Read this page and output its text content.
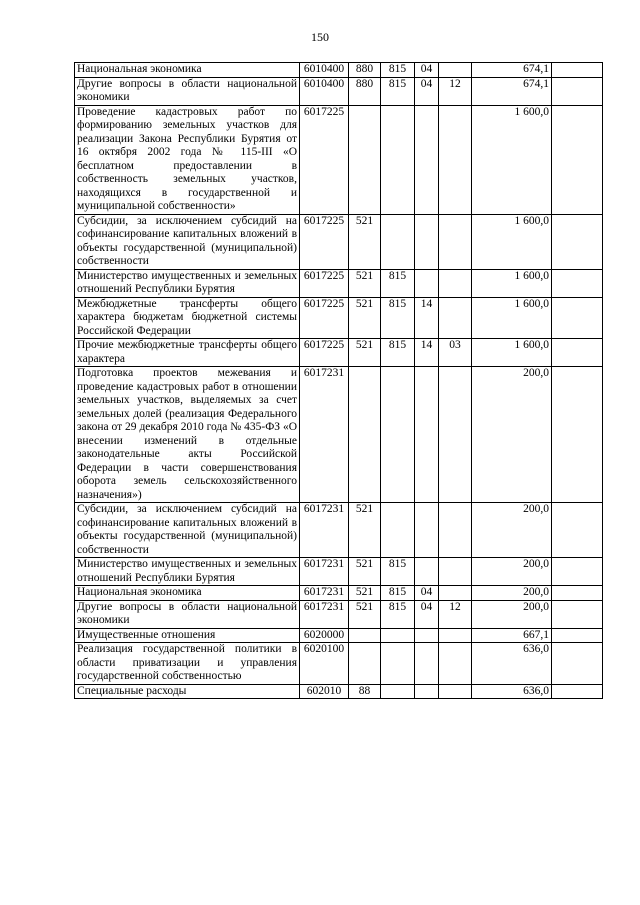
150
Национальная экономика	6010400	880	815	04		674,1	
Другие вопросы в области национальной экономики	6010400	880	815	04	12	674,1	
Проведение кадастровых работ по формированию земельных участков для реализации Закона Республики Бурятия от 16 октября 2002 года № 115-III «О бесплатном предоставлении в собственность земельных участков, находящихся в государственной и муниципальной собственности»	6017225					1 600,0	
Субсидии, за исключением субсидий на софинансирование капитальных вложений в объекты государственной (муниципальной) собственности	6017225	521				1 600,0	
Министерство имущественных и земельных отношений Республики Бурятия	6017225	521	815			1 600,0	
Межбюджетные трансферты общего характера бюджетам бюджетной системы Российской Федерации	6017225	521	815	14		1 600,0	
Прочие межбюджетные трансферты общего характера	6017225	521	815	14	03	1 600,0	
Подготовка проектов межевания и проведение кадастровых работ в отношении земельных участков, выделяемых за счет земельных долей (реализация Федерального закона от 29 декабря 2010 года № 435-ФЗ «О внесении изменений в отдельные законодательные акты Российской Федерации в части совершенствования оборота земель сельскохозяйственного назначения»)	6017231					200,0	
Субсидии, за исключением субсидий на софинансирование капитальных вложений в объекты государственной (муниципальной) собственности	6017231	521				200,0	
Министерство имущественных и земельных отношений Республики Бурятия	6017231	521	815			200,0	
Национальная экономика	6017231	521	815	04		200,0	
Другие вопросы в области национальной экономики	6017231	521	815	04	12	200,0	
Имущественные отношения	6020000					667,1	
Реализация государственной политики в области приватизации и управления государственной собственностью	6020100					636,0	
Специальные расходы	602010	88				636,0	
